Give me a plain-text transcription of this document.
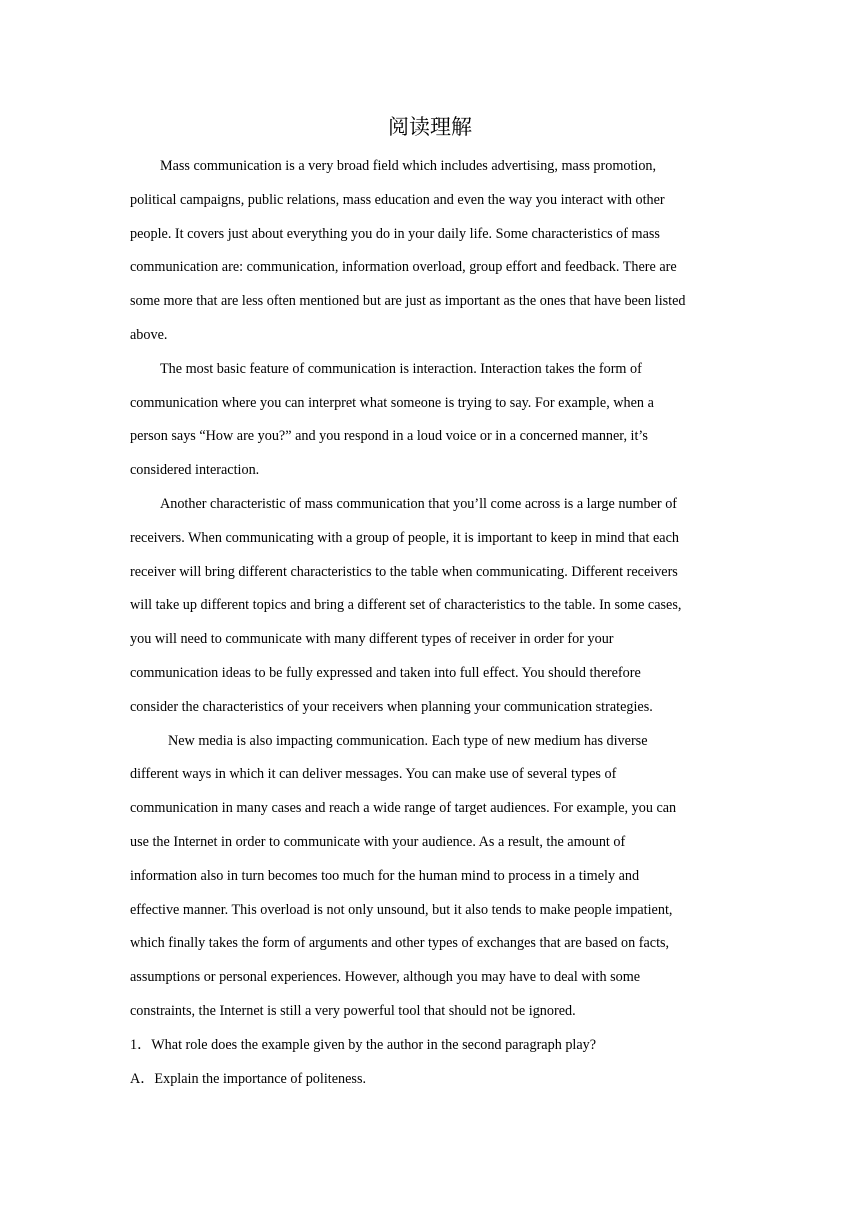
阅读理解

Mass communication is a very broad field which includes advertising, mass promotion,
political campaigns, public relations, mass education and even the way you interact with other
people. It covers just about everything you do in your daily life. Some characteristics of mass
communication are: communication, information overload, group effort and feedback. There are
some more that are less often mentioned but are just as important as the ones that have been listed
above.

The most basic feature of communication is interaction. Interaction takes the form of
communication where you can interpret what someone is trying to say. For example, when a
person says “How are you?” and you respond in a loud voice or in a concerned manner, it’s
considered interaction.

Another characteristic of mass communication that you’ll come across is a large number of
receivers. When communicating with a group of people, it is important to keep in mind that each
receiver will bring different characteristics to the table when communicating. Different receivers
will take up different topics and bring a different set of characteristics to the table. In some cases,
you will need to communicate with many different types of receiver in order for your
communication ideas to be fully expressed and taken into full effect. You should therefore
consider the characteristics of your receivers when planning your communication strategies.

New media is also impacting communication. Each type of new medium has diverse
different ways in which it can deliver messages. You can make use of several types of
communication in many cases and reach a wide range of target audiences. For example, you can
use the Internet in order to communicate with your audience. As a result, the amount of
information also in turn becomes too much for the human mind to process in a timely and
effective manner. This overload is not only unsound, but it also tends to make people impatient,
which finally takes the form of arguments and other types of exchanges that are based on facts,
assumptions or personal experiences. However, although you may have to deal with some
constraints, the Internet is still a very powerful tool that should not be ignored.

1．What role does the example given by the author in the second paragraph play?

A．Explain the importance of politeness.
